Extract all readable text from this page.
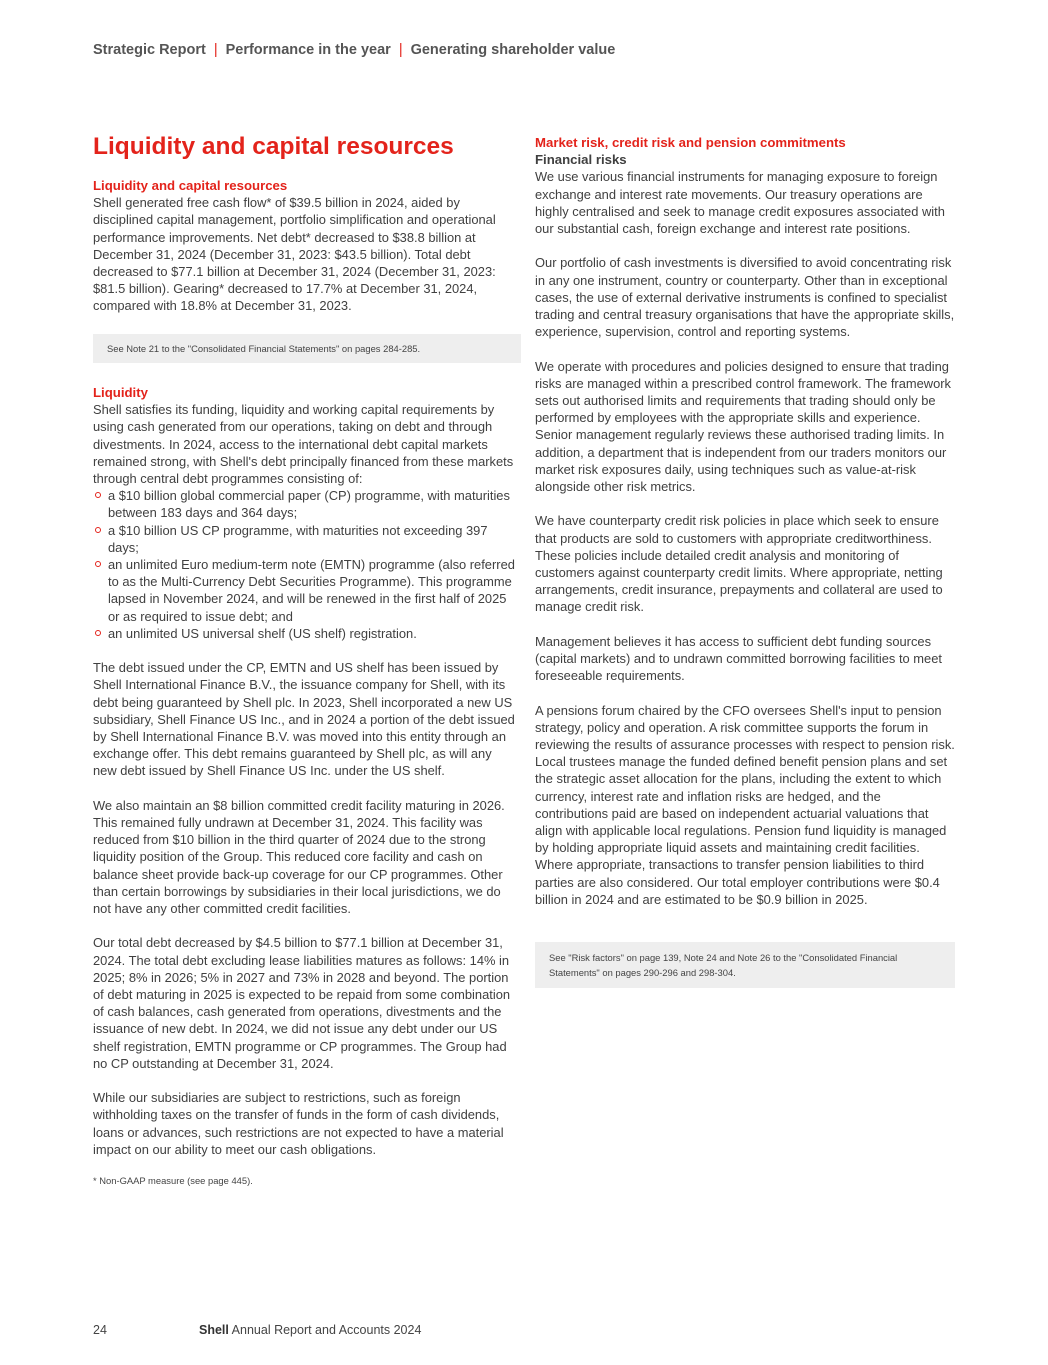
Strategic Report | Performance in the year | Generating shareholder value
Liquidity and capital resources
Liquidity and capital resources

Shell generated free cash flow* of $39.5 billion in 2024, aided by disciplined capital management, portfolio simplification and operational performance improvements. Net debt* decreased to $38.8 billion at December 31, 2024 (December 31, 2023: $43.5 billion). Total debt decreased to $77.1 billion at December 31, 2024 (December 31, 2023: $81.5 billion). Gearing* decreased to 17.7% at December 31, 2024, compared with 18.8% at December 31, 2023.

See Note 21 to the "Consolidated Financial Statements" on pages 284-285.
Liquidity

Shell satisfies its funding, liquidity and working capital requirements by using cash generated from our operations, taking on debt and through divestments. In 2024, access to the international debt capital markets remained strong, with Shell's debt principally financed from these markets through central debt programmes consisting of:

a $10 billion global commercial paper (CP) programme, with maturities between 183 days and 364 days;
a $10 billion US CP programme, with maturities not exceeding 397 days;
an unlimited Euro medium-term note (EMTN) programme (also referred to as the Multi-Currency Debt Securities Programme). This programme lapsed in November 2024, and will be renewed in the first half of 2025 or as required to issue debt; and
an unlimited US universal shelf (US shelf) registration.

The debt issued under the CP, EMTN and US shelf has been issued by Shell International Finance B.V., the issuance company for Shell, with its debt being guaranteed by Shell plc. In 2023, Shell incorporated a new US subsidiary, Shell Finance US Inc., and in 2024 a portion of the debt issued by Shell International Finance B.V. was moved into this entity through an exchange offer. This debt remains guaranteed by Shell plc, as will any new debt issued by Shell Finance US Inc. under the US shelf.

We also maintain an $8 billion committed credit facility maturing in 2026. This remained fully undrawn at December 31, 2024. This facility was reduced from $10 billion in the third quarter of 2024 due to the strong liquidity position of the Group. This reduced core facility and cash on balance sheet provide back-up coverage for our CP programmes. Other than certain borrowings by subsidiaries in their local jurisdictions, we do not have any other committed credit facilities.

Our total debt decreased by $4.5 billion to $77.1 billion at December 31, 2024. The total debt excluding lease liabilities matures as follows: 14% in 2025; 8% in 2026; 5% in 2027 and 73% in 2028 and beyond. The portion of debt maturing in 2025 is expected to be repaid from some combination of cash balances, cash generated from operations, divestments and the issuance of new debt. In 2024, we did not issue any debt under our US shelf registration, EMTN programme or CP programmes. The Group had no CP outstanding at December 31, 2024.

While our subsidiaries are subject to restrictions, such as foreign withholding taxes on the transfer of funds in the form of cash dividends, loans or advances, such restrictions are not expected to have a material impact on our ability to meet our cash obligations.

* Non-GAAP measure (see page 445).
Market risk, credit risk and pension commitments
Financial risks

We use various financial instruments for managing exposure to foreign exchange and interest rate movements. Our treasury operations are highly centralised and seek to manage credit exposures associated with our substantial cash, foreign exchange and interest rate positions.

Our portfolio of cash investments is diversified to avoid concentrating risk in any one instrument, country or counterparty. Other than in exceptional cases, the use of external derivative instruments is confined to specialist trading and central treasury organisations that have the appropriate skills, experience, supervision, control and reporting systems.

We operate with procedures and policies designed to ensure that trading risks are managed within a prescribed control framework. The framework sets out authorised limits and requirements that trading should only be performed by employees with the appropriate skills and experience. Senior management regularly reviews these authorised trading limits. In addition, a department that is independent from our traders monitors our market risk exposures daily, using techniques such as value-at-risk alongside other risk metrics.

We have counterparty credit risk policies in place which seek to ensure that products are sold to customers with appropriate creditworthiness. These policies include detailed credit analysis and monitoring of customers against counterparty credit limits. Where appropriate, netting arrangements, credit insurance, prepayments and collateral are used to manage credit risk.

Management believes it has access to sufficient debt funding sources (capital markets) and to undrawn committed borrowing facilities to meet foreseeable requirements.

A pensions forum chaired by the CFO oversees Shell's input to pension strategy, policy and operation. A risk committee supports the forum in reviewing the results of assurance processes with respect to pension risk. Local trustees manage the funded defined benefit pension plans and set the strategic asset allocation for the plans, including the extent to which currency, interest rate and inflation risks are hedged, and the contributions paid are based on independent actuarial valuations that align with applicable local regulations. Pension fund liquidity is managed by holding appropriate liquid assets and maintaining credit facilities. Where appropriate, transactions to transfer pension liabilities to third parties are also considered. Our total employer contributions were $0.4 billion in 2024 and are estimated to be $0.9 billion in 2025.

See "Risk factors" on page 139, Note 24 and Note 26 to the "Consolidated Financial Statements" on pages 290-296 and 298-304.
24	Shell Annual Report and Accounts 2024
